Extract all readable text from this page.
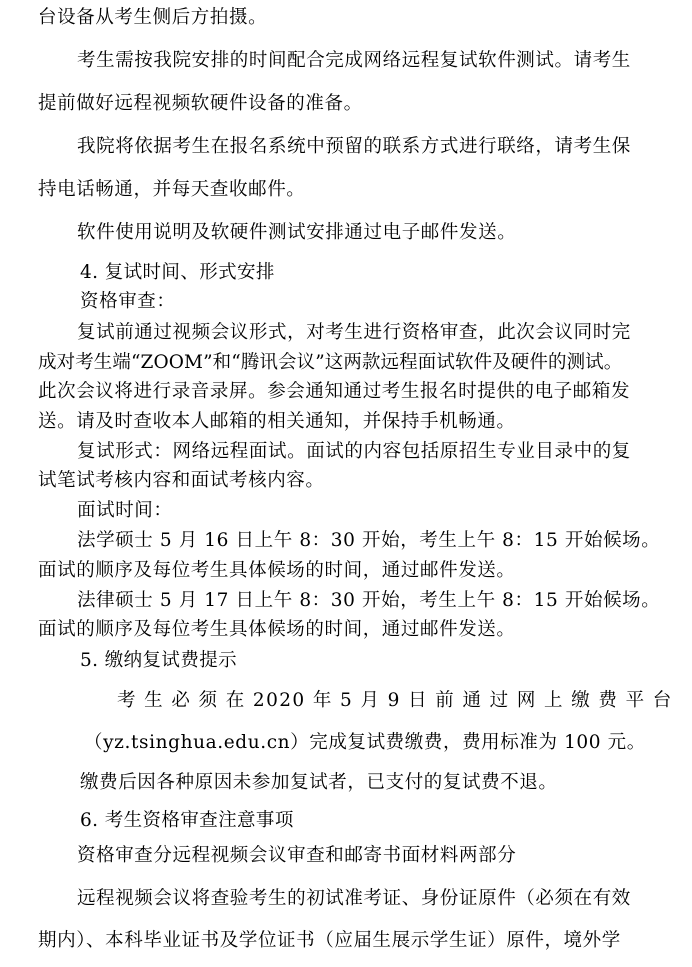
台设备从考生侧后方拍摄。
考生需按我院安排的时间配合完成网络远程复试软件测试。请考生
提前做好远程视频软硬件设备的准备。
我院将依据考生在报名系统中预留的联系方式进行联络，请考生保
持电话畅通，并每天查收邮件。
软件使用说明及软硬件测试安排通过电子邮件发送。
4. 复试时间、形式安排
资格审查：
复试前通过视频会议形式，对考生进行资格审查，此次会议同时完
成对考生端“ZOOM”和“腾讯会议”这两款远程面试软件及硬件的测试。
此次会议将进行录音录屏。参会通知通过考生报名时提供的电子邮箱发
送。请及时查收本人邮箱的相关通知，并保持手机畅通。
复试形式：网络远程面试。面试的内容包括原招生专业目录中的复
试笔试考核内容和面试考核内容。
面试时间：
法学硕士 5 月 16 日上午 8：30 开始，考生上午 8：15 开始候场。
面试的顺序及每位考生具体候场的时间，通过邮件发送。
法律硕士 5 月 17 日上午 8：30 开始，考生上午 8：15 开始候场。
面试的顺序及每位考生具体候场的时间，通过邮件发送。
5. 缴纳复试费提示
考 生 必 须 在 2020 年 5 月 9 日 前 通 过 网 上 缴 费 平 台
（yz.tsinghua.edu.cn）完成复试费缴费，费用标准为 100 元。
缴费后因各种原因未参加复试者，已支付的复试费不退。
6. 考生资格审查注意事项
资格审查分远程视频会议审查和邮寄书面材料两部分
远程视频会议将查验考生的初试准考证、身份证原件（必须在有效
期内）、本科毕业证书及学位证书（应届生展示学生证）原件，境外学
